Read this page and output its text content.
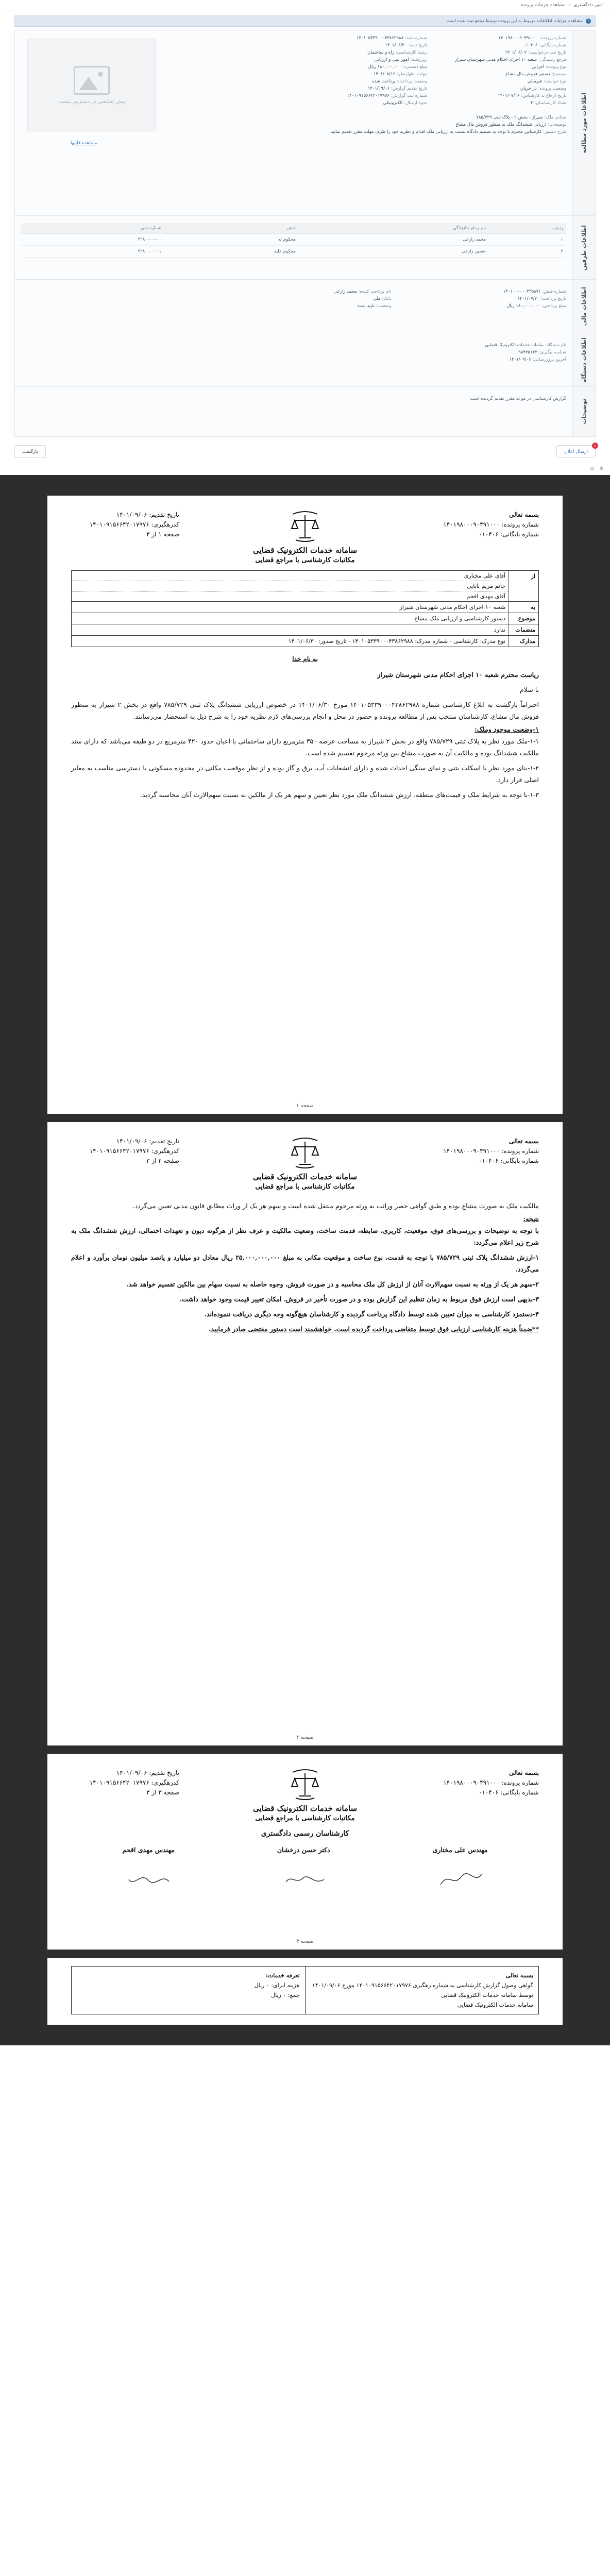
امور دادگستری
‹
مشاهده جزئیات پرونده
i
مشاهده جزئیات اطلاعات مربوط به این پرونده توسط ذینفع ثبت شده است
اطلاعات مورد مطالعه
شماره پرونده:۱۴۰۱۹۸۰۰۰۹۰۴۹۱۰۰۰
شماره بایگانی:۰۱۰۴۰۶
تاریخ ثبت درخواست:۱۴۰۱/۰۶/۰۲
مرجع رسیدگی:شعبه ۱۰ اجرای احکام مدنی شهرستان شیراز
نوع پرونده:اجرایی
موضوع:دستور فروش مال مشاع
نوع خواسته:غیرمالی
وضعیت پرونده:در جریان
تاریخ ارجاع به کارشناس:۱۴۰۱/۰۷/۱۶
تعداد کارشناسان:۳
شماره نامه:۱۴۰۱۰۵۳۳۹۰۰۰۴۳۸۶۲۹۸۸
تاریخ نامه:۱۴۰۱/۰۶/۳۰
رشته کارشناسی:راه و ساختمان
زیررشته:امور ثبتی و ارزیابی
مبلغ دستمزد:۱۸۰,۰۰۰,۰۰۰ ریال
مهلت اظهارنظر:۱۴۰۱/۰۸/۱۶
وضعیت پرداخت:پرداخت شده
تاریخ تقدیم گزارش:۱۴۰۱/۰۹/۰۶
شماره ثبت گزارش:۱۴۰۱۰۹۱۵۶۶۴۲۰۱۷۹۷۶
نحوه ارسال:الکترونیکی
نشانی ملک:شیراز - بخش ۲ - پلاک ثبتی ۷۸۵/۷۲۹
توضیحات:ارزیابی ششدانگ ملک به منظور فروش مال مشاع
شرح دستور:کارشناس محترم با توجه به تصمیم دادگاه نسبت به ارزیابی ملک اقدام و نظریه خود را ظرف مهلت مقرر تقدیم نمایید
پیش نمایشی در دسترس نیست
مشاهده فایلها
اطلاعات طرفین
ردیف	نام و نام خانوادگی	نقش	شماره ملی
۱	محمد زارعی	محکوم له	۲۲۸۰۰۰۰۰۰۰
۲	حسین زارعی	محکوم علیه	۲۲۸۰۰۰۰۰۰۱
اطلاعات مالی
شماره فیش:۱۴۰۱۰۰۰۰۰۰۳۳۵۸۷۱
تاریخ پرداخت:۱۴۰۱/۰۷/۲۰
مبلغ پرداختی:۱۸۰,۰۰۰,۰۰۰ ریال
نام پرداخت کننده:محمد زارعی
بانک:ملی
وضعیت:تایید شده
اطلاعات دستگاه
نام دستگاه:سامانه خدمات الکترونیک قضایی
شناسه پیگیری:۹۸۴۷۵۱۲۳
آخرین بروزرسانی:۱۴۰۱/۰۹/۰۶
توضیحات
گزارش کارشناسی در موعد مقرر تقدیم گردیده است
۱
ارسال اعلان
بازگشت
⊕
⊖
بسمه تعالی
شماره پرونده: ۱۴۰۱۹۸۰۰۰۹۰۴۹۱۰۰۰
شماره بایگانی: ۰۱۰۴۰۶
سامانه خدمات الکترونیک قضایی
مکاتبات کارشناسی با مراجع قضایی
تاریخ تقدیم: ۱۴۰۱/۰۹/۰۶
کدرهگیری: ۱۴۰۱۰۹۱۵۶۶۴۲۰۱۷۹۷۶
صفحه ۱ از ۳
از
آقای علی مختاری
خانم مریم بابایی
آقای مهدی اقحم
به
شعبه ۱۰ اجرای احکام مدنی شهرستان شیراز
موضوع
دستور کارشناسی و ارزیابی ملک مشاع
منضمات
ندارد
مدارک
نوع مدرک: کارشناسی - شماره مدرک: ۱۴۰۱۰۵۳۳۹۰۰۰۴۳۸۶۲۹۸۸ - تاریخ صدور: ۱۴۰۱/۰۶/۳۰
به نام خدا
ریاست محترم شعبه ۱۰ اجرای احکام مدنی شهرستان شیراز
با سلام
احتراماً بازگشت به ابلاغ کارشناسی شماره ۱۴۰۱۰۵۳۳۹۰۰۰۴۳۸۶۲۹۸۸ مورخ ۱۴۰۱/۰۶/۳۰ در خصوص ارزیابی ششدانگ پلاک ثبتی ۷۸۵/۷۲۹ واقع در بخش ۲ شیراز به منظور فروش مال مشاع، کارشناسان منتخب پس از مطالعه پرونده و حضور در محل و انجام بررسی‌های لازم نظریه خود را به شرح ذیل به استحضار می‌رسانند.
۱-وضعیت موجود وملک:
۱-۱-ملک مورد نظر به پلاک ثبتی ۷۸۵/۷۲۹ واقع در بخش ۲ شیراز به مساحت عرصه ۳۵۰ مترمربع دارای ساختمانی با اعیان حدود ۴۲۰ مترمربع در دو طبقه می‌باشد که دارای سند مالکیت ششدانگ بوده و مالکیت آن به صورت مشاع بین ورثه مرحوم تقسیم شده است.
۱-۲-بنای مورد نظر با اسکلت بتنی و نمای سنگی احداث شده و دارای انشعابات آب، برق و گاز بوده و از نظر موقعیت مکانی در محدوده مسکونی با دسترسی مناسب به معابر اصلی قرار دارد.
۱-۳-با توجه به شرایط ملک و قیمت‌های منطقه، ارزش ششدانگ ملک مورد نظر تعیین و سهم هر یک از مالکین به نسبت سهم‌الارث آنان محاسبه گردید.
صفحه ۱
بسمه تعالی
شماره پرونده: ۱۴۰۱۹۸۰۰۰۹۰۴۹۱۰۰۰
شماره بایگانی: ۰۱۰۴۰۶
سامانه خدمات الکترونیک قضایی
مکاتبات کارشناسی با مراجع قضایی
تاریخ تقدیم: ۱۴۰۱/۰۹/۰۶
کدرهگیری: ۱۴۰۱۰۹۱۵۶۶۴۲۰۱۷۹۷۶
صفحه ۲ از ۳
مالکیت ملک به صورت مشاع بوده و طبق گواهی حصر وراثت به ورثه مرحوم منتقل شده است و سهم هر یک از وراث مطابق قانون مدنی تعیین می‌گردد.
نتیجه:
با توجه به توضیحات و بررسی‌های فوق، موقعیت، کاربری، ضابطه، قدمت ساخت، وضعیت مالکیت و عرف نظر از هرگونه دیون و تعهدات احتمالی، ارزش ششدانگ ملک به شرح زیر اعلام می‌گردد:
۱-ارزش ششدانگ پلاک ثبتی ۷۸۵/۷۲۹ با توجه به قدمت، نوع ساخت و موقعیت مکانی به مبلغ ۲۵,۰۰۰,۰۰۰,۰۰۰ ریال معادل دو میلیارد و پانصد میلیون تومان برآورد و اعلام می‌گردد.
۲-سهم هر یک از ورثه به نسبت سهم‌الارث آنان از ارزش کل ملک محاسبه و در صورت فروش، وجوه حاصله به نسبت سهام بین مالکین تقسیم خواهد شد.
۳-بدیهی است ارزش فوق مربوط به زمان تنظیم این گزارش بوده و در صورت تأخیر در فروش، امکان تغییر قیمت وجود خواهد داشت.
۴-دستمزد کارشناسی به میزان تعیین شده توسط دادگاه پرداخت گردیده و کارشناسان هیچ‌گونه وجه دیگری دریافت ننموده‌اند.
**ضمناً هزینه کارشناسی ارزیابی فوق توسط متقاضی پرداخت گردیده است. خواهشمند است دستور مقتضی صادر فرمایید.
صفحه ۲
بسمه تعالی
شماره پرونده: ۱۴۰۱۹۸۰۰۰۹۰۴۹۱۰۰۰
شماره بایگانی: ۰۱۰۴۰۶
سامانه خدمات الکترونیک قضایی
مکاتبات کارشناسی با مراجع قضایی
تاریخ تقدیم: ۱۴۰۱/۰۹/۰۶
کدرهگیری: ۱۴۰۱۰۹۱۵۶۶۴۲۰۱۷۹۷۶
صفحه ۳ از ۳
کارشناسان رسمی دادگستری
مهندس علی مختاری
دکتر حسن درخشان
مهندس مهدی اقحم
صفحه ۳
بسمه تعالی
گواهی وصول گزارش کارشناسی به شماره رهگیری ۱۴۰۱۰۹۱۵۶۶۴۲۰۱۷۹۷۶ مورخ ۱۴۰۱/۰۹/۰۶ توسط سامانه خدمات الکترونیک قضایی
سامانه خدمات الکترونیک قضایی
تعرفه خدمات:
هزینه ابرای: ۰ ریال
جمع: ۰ ریال
